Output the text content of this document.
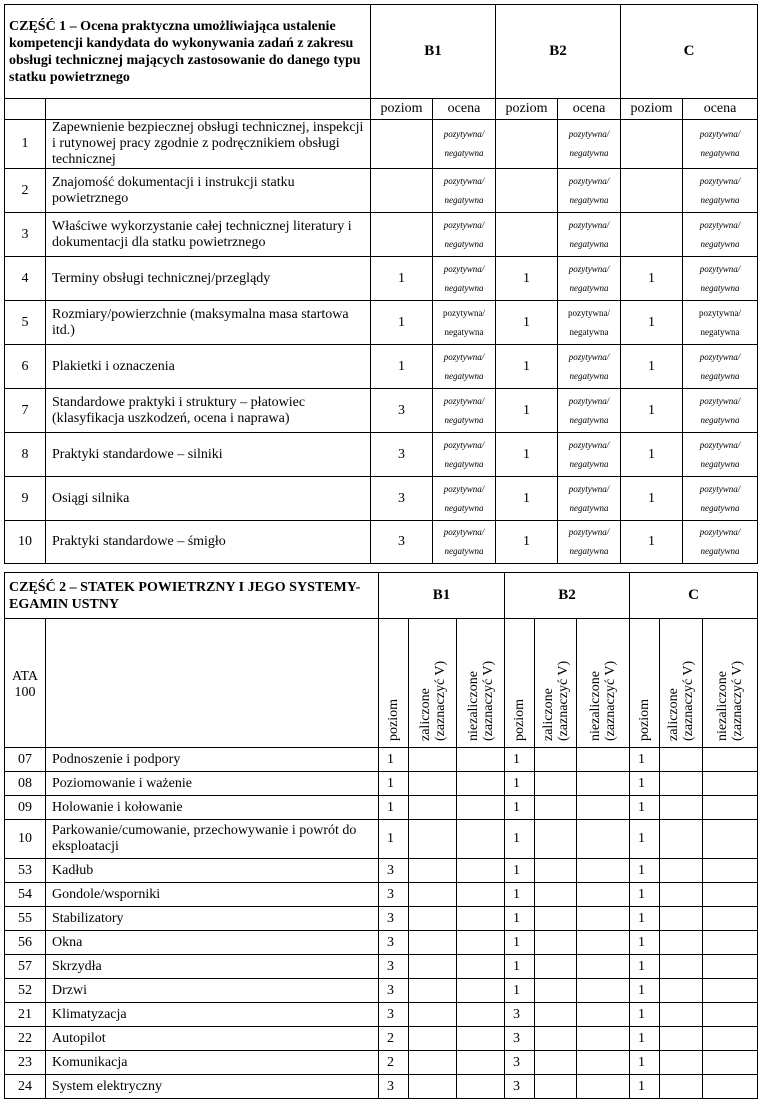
CZĘŚĆ 1 – Ocena praktyczna umożliwiająca ustalenie kompetencji kandydata do wykonywania zadań z zakresu obsługi technicznej mających zastosowanie do danego typu statku powietrznego		B1		B2		C	
		poziom	ocena	poziom	ocena	poziom	ocena
1	Zapewnienie bezpiecznej obsługi technicznej, inspekcji i rutynowej pracy zgodnie z podręcznikiem obsługi technicznej		pozytywna/
negatywna		pozytywna/
negatywna		pozytywna/
negatywna
2	Znajomość dokumentacji i instrukcji statku powietrznego		pozytywna/
negatywna		pozytywna/
negatywna		pozytywna/
negatywna
3	Właściwe wykorzystanie całej technicznej literatury i dokumentacji dla statku powietrznego		pozytywna/
negatywna		pozytywna/
negatywna		pozytywna/
negatywna
4	Terminy obsługi technicznej/przeglądy	1	pozytywna/
negatywna	1	pozytywna/
negatywna	1	pozytywna/
negatywna
5	Rozmiary/powierzchnie (maksymalna masa startowa itd.)	1	pozytywna/
negatywna	1	pozytywna/
negatywna	1	pozytywna/
negatywna
6	Plakietki i oznaczenia	1	pozytywna/
negatywna	1	pozytywna/
negatywna	1	pozytywna/
negatywna
7	Standardowe praktyki i struktury – płatowiec (klasyfikacja uszkodzeń, ocena i naprawa)	3	pozytywna/
negatywna	1	pozytywna/
negatywna	1	pozytywna/
negatywna
8	Praktyki standardowe – silniki	3	pozytywna/
negatywna	1	pozytywna/
negatywna	1	pozytywna/
negatywna
9	Osiągi silnika	3	pozytywna/
negatywna	1	pozytywna/
negatywna	1	pozytywna/
negatywna
10	Praktyki standardowe – śmigło	3	pozytywna/
negatywna	1	pozytywna/
negatywna	1	pozytywna/
negatywna
CZĘŚĆ 2 – STATEK POWIETRZNY I JEGO SYSTEMY- EGAMIN USTNY		B1			B2			C		
ATA 100		poziom	zaliczone (zaznaczyć V)	niezaliczone (zaznaczyć V)	poziom	zaliczone (zaznaczyć V)	niezaliczone (zaznaczyć V)	poziom	zaliczone (zaznaczyć V)	niezaliczone (zaznaczyć V)

07	Podnoszenie i podpory	1			1			1		
08	Poziomowanie i ważenie	1			1			1		
09	Holowanie i kołowanie	1			1			1		
10	Parkowanie/cumowanie, przechowywanie i powrót do eksploatacji	1			1			1		
53	Kadłub	3			1			1		
54	Gondole/wsporniki	3			1			1		
55	Stabilizatory	3			1			1		
56	Okna	3			1			1		
57	Skrzydła	3			1			1		
52	Drzwi	3			1			1		
21	Klimatyzacja	3			3			1		
22	Autopilot	2			3			1		
23	Komunikacja	2			3			1		
24	System elektryczny	3			3			1		
